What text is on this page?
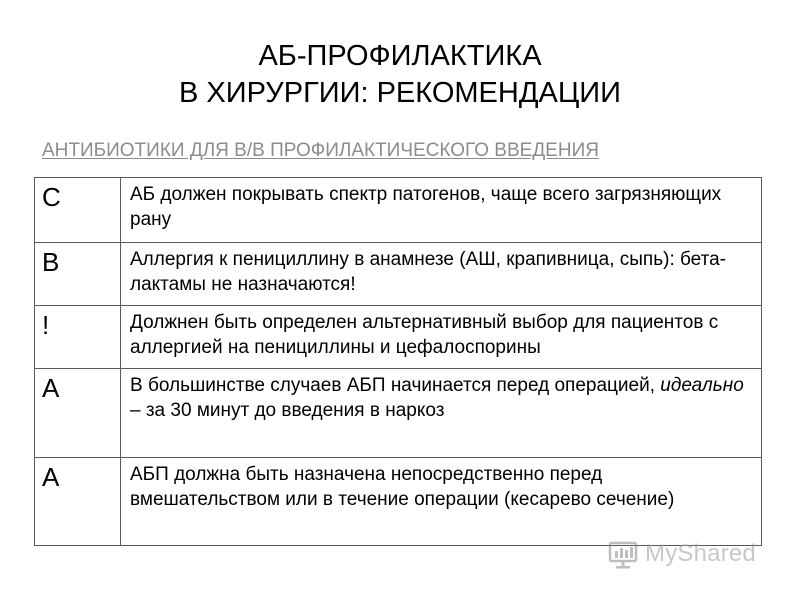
АБ-ПРОФИЛАКТИКА
В ХИРУРГИИ: РЕКОМЕНДАЦИИ
АНТИБИОТИКИ ДЛЯ В/В ПРОФИЛАКТИЧЕСКОГО ВВЕДЕНИЯ
C	АБ должен покрывать спектр патогенов, чаще всего загрязняющих рану
B	Аллергия к пенициллину в анамнезе (АШ, крапивница, сыпь): бета-лактамы не назначаются!
!	Должнен быть определен альтернативный выбор для пациентов с аллергией на пенициллины и цефалоспорины
A	В большинстве случаев АБП начинается перед операцией, идеально – за 30 минут до введения в наркоз
A	АБП должна быть назначена непосредственно перед вмешательством или в течение операции (кесарево сечение)
MyShared
